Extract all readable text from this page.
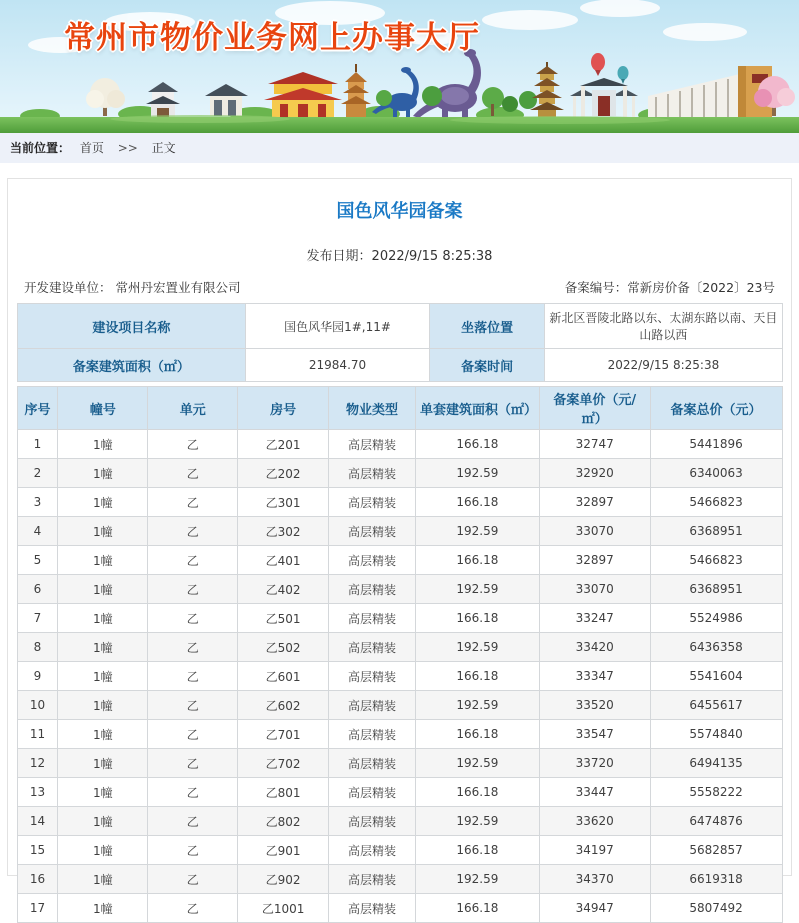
常州市物价业务网上办事大厅
当前位置： 首页 >> 正文
国色风华园备案
发布日期：2022/9/15 8:25:38
开发建设单位： 常州丹宏置业有限公司	备案编号：常新房价备〔2022〕23号
建设项目名称	国色风华园1#,11#	坐落位置	新北区晋陵北路以东、太湖东路以南、天目山路以西
备案建筑面积（㎡）	21984.70	备案时间	2022/9/15 8:25:38
序号	幢号	单元	房号	物业类型	单套建筑面积（㎡）	备案单价（元/㎡）	备案总价（元）
1	1幢	乙	乙201	高层精装	166.18	32747	5441896
2	1幢	乙	乙202	高层精装	192.59	32920	6340063
3	1幢	乙	乙301	高层精装	166.18	32897	5466823
4	1幢	乙	乙302	高层精装	192.59	33070	6368951
5	1幢	乙	乙401	高层精装	166.18	32897	5466823
6	1幢	乙	乙402	高层精装	192.59	33070	6368951
7	1幢	乙	乙501	高层精装	166.18	33247	5524986
8	1幢	乙	乙502	高层精装	192.59	33420	6436358
9	1幢	乙	乙601	高层精装	166.18	33347	5541604
10	1幢	乙	乙602	高层精装	192.59	33520	6455617
11	1幢	乙	乙701	高层精装	166.18	33547	5574840
12	1幢	乙	乙702	高层精装	192.59	33720	6494135
13	1幢	乙	乙801	高层精装	166.18	33447	5558222
14	1幢	乙	乙802	高层精装	192.59	33620	6474876
15	1幢	乙	乙901	高层精装	166.18	34197	5682857
16	1幢	乙	乙902	高层精装	192.59	34370	6619318
17	1幢	乙	乙1001	高层精装	166.18	34947	5807492
